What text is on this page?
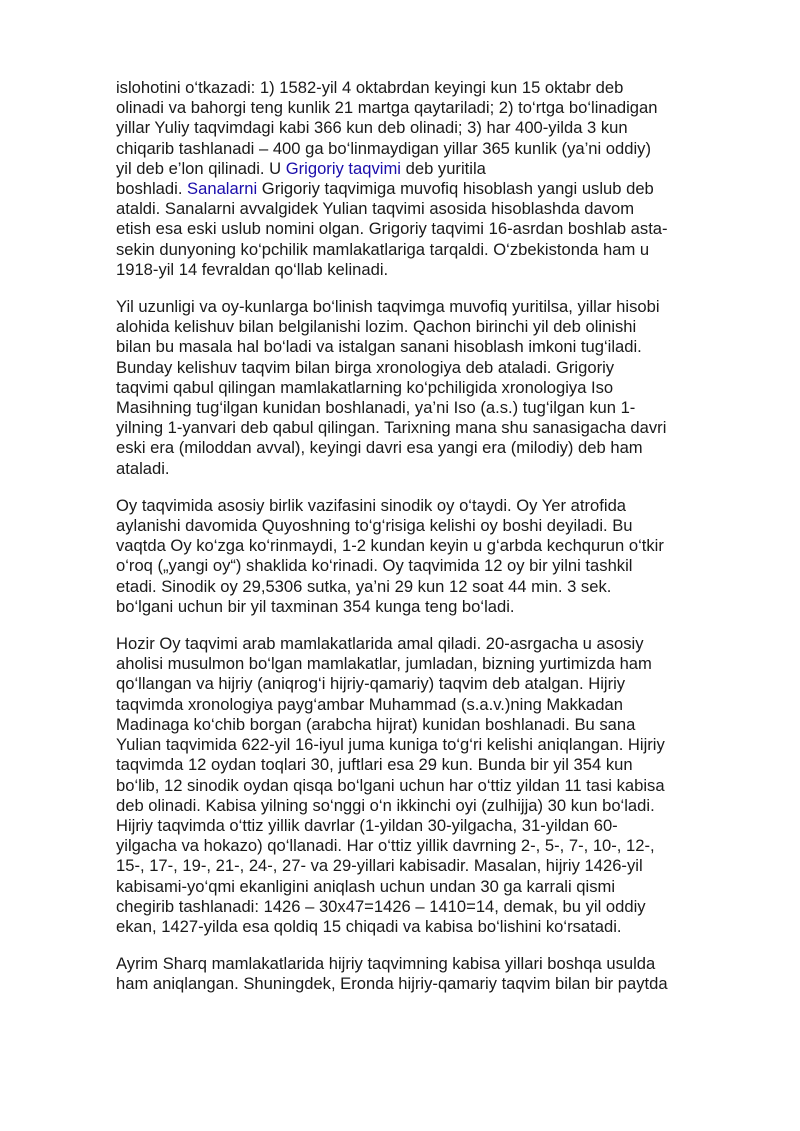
islohotini o‘tkazadi: 1) 1582-yil 4 oktabrdan keyingi kun 15 oktabr deb
olinadi va bahorgi teng kunlik 21 martga qaytariladi; 2) to‘rtga bo‘linadigan
yillar Yuliy taqvimdagi kabi 366 kun deb olinadi; 3) har 400-yilda 3 kun
chiqarib tashlanadi – 400 ga bo‘linmaydigan yillar 365 kunlik (ya’ni oddiy)
yil deb e’lon qilinadi. U Grigoriy taqvimi deb yuritila
boshladi. Sanalarni Grigoriy taqvimiga muvofiq hisoblash yangi uslub deb
ataldi. Sanalarni avvalgidek Yulian taqvimi asosida hisoblashda davom
etish esa eski uslub nomini olgan. Grigoriy taqvimi 16-asrdan boshlab asta-
sekin dunyoning ko‘pchilik mamlakatlariga tarqaldi. O‘zbekistonda ham u
1918-yil 14 fevraldan qo‘llab kelinadi.
Yil uzunligi va oy-kunlarga bo‘linish taqvimga muvofiq yuritilsa, yillar hisobi
alohida kelishuv bilan belgilanishi lozim. Qachon birinchi yil deb olinishi
bilan bu masala hal bo‘ladi va istalgan sanani hisoblash imkoni tug‘iladi.
Bunday kelishuv taqvim bilan birga xronologiya deb ataladi. Grigoriy
taqvimi qabul qilingan mamlakatlarning ko‘pchiligida xronologiya Iso
Masihning tug‘ilgan kunidan boshlanadi, ya’ni Iso (a.s.) tug‘ilgan kun 1-
yilning 1-yanvari deb qabul qilingan. Tarixning mana shu sanasigacha davri
eski era (miloddan avval), keyingi davri esa yangi era (milodiy) deb ham
ataladi.
Oy taqvimida asosiy birlik vazifasini sinodik oy o‘taydi. Oy Yer atrofida
aylanishi davomida Quyoshning to‘g‘risiga kelishi oy boshi deyiladi. Bu
vaqtda Oy ko‘zga ko‘rinmaydi, 1-2 kundan keyin u g‘arbda kechqurun o‘tkir
o‘roq („yangi oy“) shaklida ko‘rinadi. Oy taqvimida 12 oy bir yilni tashkil
etadi. Sinodik oy 29,5306 sutka, ya’ni 29 kun 12 soat 44 min. 3 sek.
bo‘lgani uchun bir yil taxminan 354 kunga teng bo‘ladi.
Hozir Oy taqvimi arab mamlakatlarida amal qiladi. 20-asrgacha u asosiy
aholisi musulmon bo‘lgan mamlakatlar, jumladan, bizning yurtimizda ham
qo‘llangan va hijriy (aniqrog‘i hijriy-qamariy) taqvim deb atalgan. Hijriy
taqvimda xronologiya payg‘ambar Muhammad (s.a.v.)ning Makkadan
Madinaga ko‘chib borgan (arabcha hijrat) kunidan boshlanadi. Bu sana
Yulian taqvimida 622-yil 16-iyul juma kuniga to‘g‘ri kelishi aniqlangan. Hijriy
taqvimda 12 oydan toqlari 30, juftlari esa 29 kun. Bunda bir yil 354 kun
bo‘lib, 12 sinodik oydan qisqa bo‘lgani uchun har o‘ttiz yildan 11 tasi kabisa
deb olinadi. Kabisa yilning so‘nggi o‘n ikkinchi oyi (zulhijja) 30 kun bo‘ladi.
Hijriy taqvimda o‘ttiz yillik davrlar (1-yildan 30-yilgacha, 31-yildan 60-
yilgacha va hokazo) qo‘llanadi. Har o‘ttiz yillik davrning 2-, 5-, 7-, 10-, 12-,
15-, 17-, 19-, 21-, 24-, 27- va 29-yillari kabisadir. Masalan, hijriy 1426-yil
kabisami-yo‘qmi ekanligini aniqlash uchun undan 30 ga karrali qismi
chegirib tashlanadi: 1426 – 30x47=1426 – 1410=14, demak, bu yil oddiy
ekan, 1427-yilda esa qoldiq 15 chiqadi va kabisa bo‘lishini ko‘rsatadi.
Ayrim Sharq mamlakatlarida hijriy taqvimning kabisa yillari boshqa usulda
ham aniqlangan. Shuningdek, Eronda hijriy-qamariy taqvim bilan bir paytda
